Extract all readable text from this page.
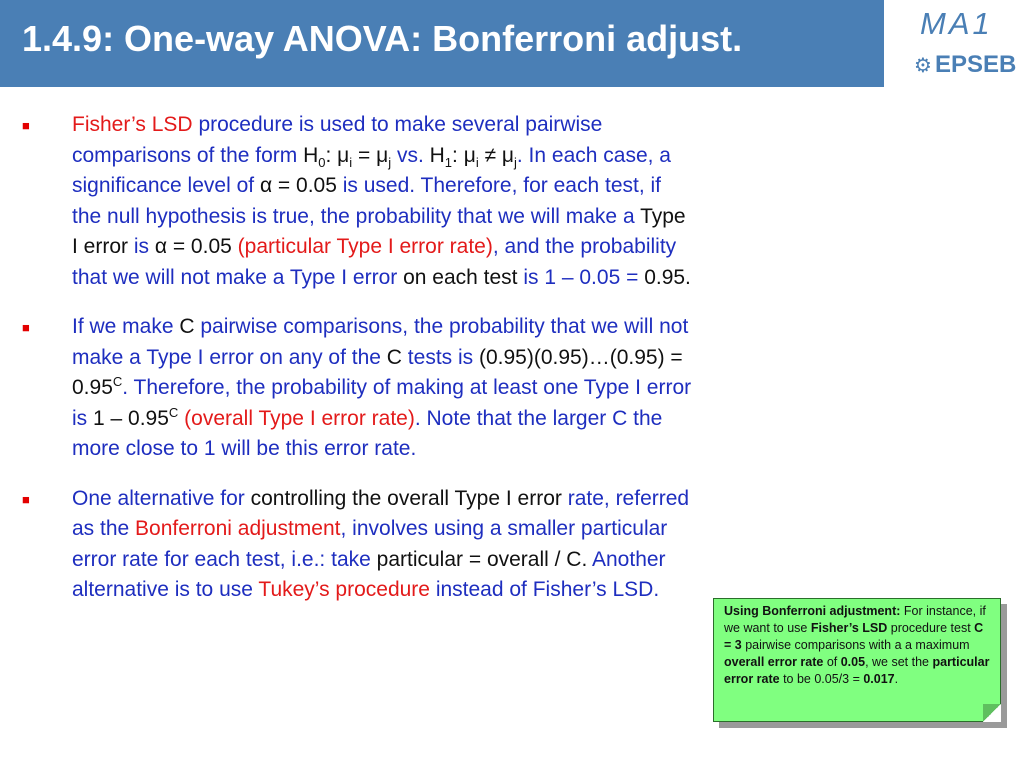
1.4.9: One-way ANOVA: Bonferroni adjust.	MA1
⚙ EPSEB
■ Fisher’s LSD procedure is used to make several pairwise comparisons of the form $H_0$: $\mu_i = \mu_j$ vs. $H_1$: $\mu_i \ne \mu_j$. In each case, a significance level of α = 0.05 is used. Therefore, for each test, if the null hypothesis is true, the probability that we will make a Type I error is α = 0.05 (particular Type I error rate), and the probability that we will not make a Type I error on each test is 1 – 0.05 = 0.95.
■ If we make C pairwise comparisons, the probability that we will not make a Type I error on any of the C tests is (0.95)(0.95)…(0.95) = $0.95^C$. Therefore, the probability of making at least one Type I error is $1 - 0.95^C$ (overall Type I error rate). Note that the larger C the more close to 1 will be this error rate.
■ One alternative for controlling the overall Type I error rate, referred as the Bonferroni adjustment, involves using a smaller particular error rate for each test, i.e.: take particular = overall / C. Another alternative is to use Tukey’s procedure instead of Fisher’s LSD.
Using Bonferroni adjustment: For instance, if we want to use Fisher’s LSD procedure test C = 3 pairwise comparisons with a a maximum overall error rate of 0.05, we set the particular error rate to be 0.05/3 = 0.017.
